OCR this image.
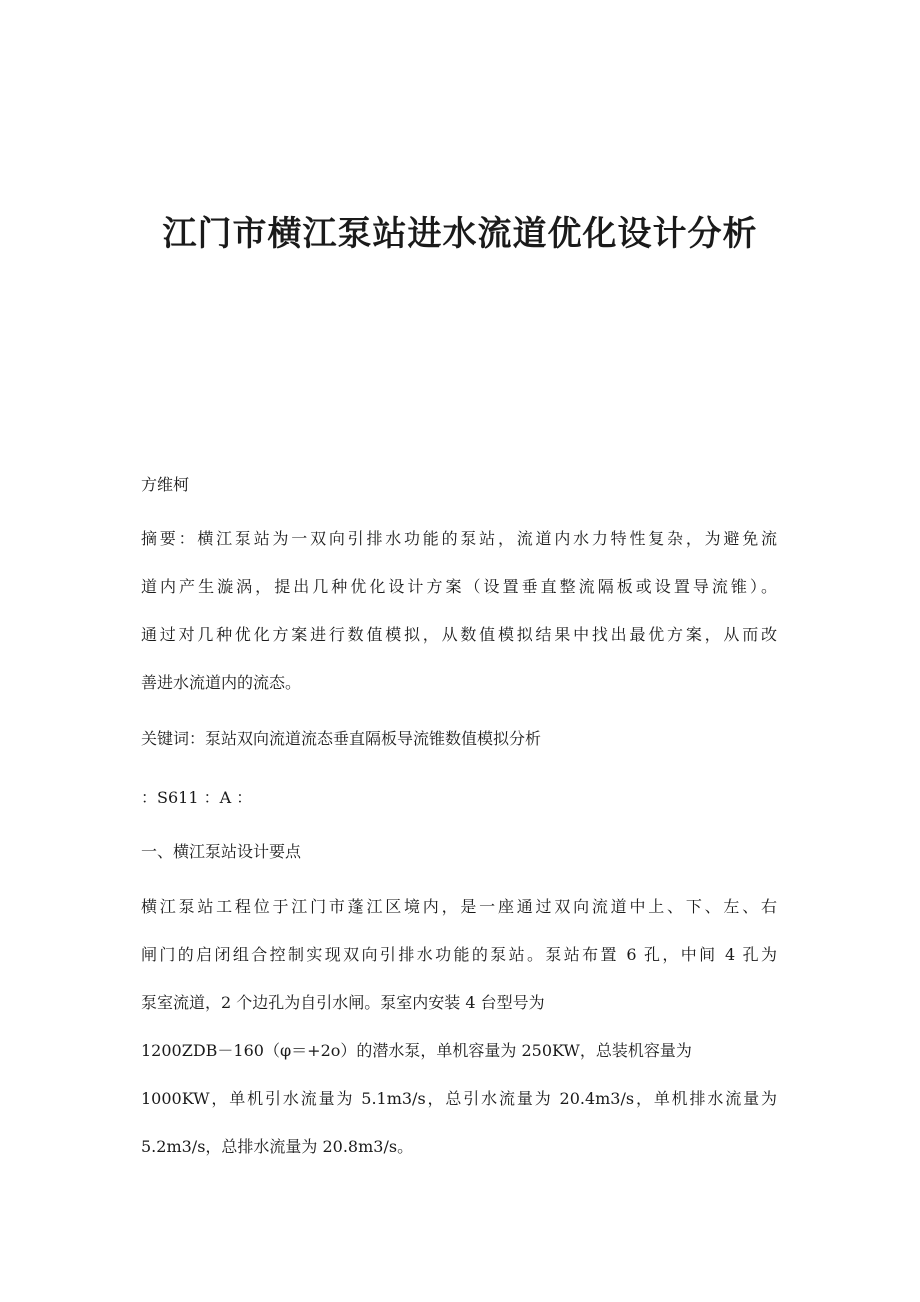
江门市横江泵站进水流道优化设计分析

方维柯

摘要：横江泵站为一双向引排水功能的泵站，流道内水力特性复杂，为避免流
道内产生漩涡，提出几种优化设计方案（设置垂直整流隔板或设置导流锥）。
通过对几种优化方案进行数值模拟，从数值模拟结果中找出最优方案，从而改
善进水流道内的流态。

关键词：泵站双向流道流态垂直隔板导流锥数值模拟分析

：S611 ：A ：

一、横江泵站设计要点

横江泵站工程位于江门市蓬江区境内，是一座通过双向流道中上、下、左、右
闸门的启闭组合控制实现双向引排水功能的泵站。泵站布置 6 孔，中间 4 孔为
泵室流道，2 个边孔为自引水闸。泵室内安装 4 台型号为
1200ZDB－160（φ＝+2o）的潜水泵，单机容量为 250KW，总装机容量为
1000KW，单机引水流量为 5.1m3/s，总引水流量为 20.4m3/s，单机排水流量为
5.2m3/s，总排水流量为 20.8m3/s。
